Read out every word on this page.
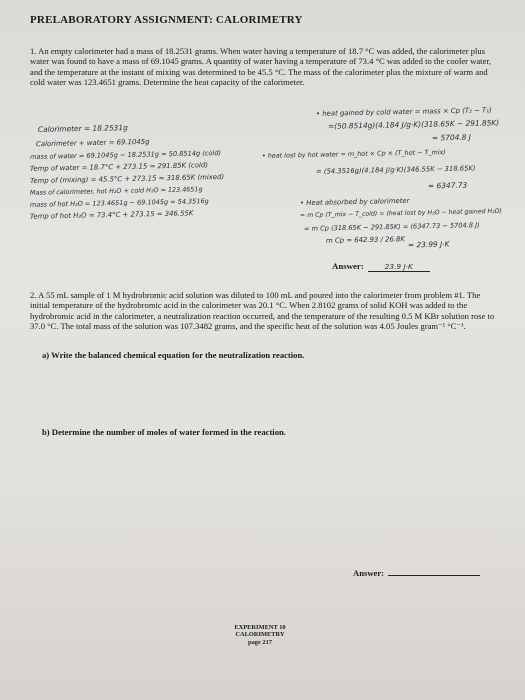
PRELABORATORY ASSIGNMENT: CALORIMETRY
1. An empty calorimeter had a mass of 18.2531 grams. When water having a temperature of 18.7 °C was added, the calorimeter plus water was found to have a mass of 69.1045 grams. A quantity of water having a temperature of 73.4 °C was added to the cooler water, and the temperature at the instant of mixing was determined to be 45.5 °C. The mass of the calorimeter plus the mixture of warm and cold water was 123.4651 grams. Determine the heat capacity of the calorimeter.
• heat gained by cold water = mass × Cp (T₂ − T₁)
=(50.8514g)(4.184 J/g·K)(318.65K − 291.85K)
= 5704.8 J
Calorimeter = 18.2531g
Calorimeter + water = 69.1045g
mass of water = 69.1045g − 18.2531g = 50.8514g (cold)	• heat lost by hot water = m_hot × Cp × (T_hot − T_mix)
Temp of water = 18.7°C + 273.15 = 291.85K (cold)
Temp of (mixing) = 45.5°C + 273.15 = 318.65K (mixed)
= (54.3516g)(4.184 J/g·K)(346.55K − 318.65K)
Mass of calorimeter, hot H₂O + cold H₂O = 123.4651g	= 6347.73
mass of hot H₂O = 123.4651g − 69.1045g = 54.3516g
Temp of hot H₂O = 73.4°C + 273.15 = 346.55K
• Heat absorbed by calorimeter
= m Cp (T_mix − T_cold) = (heat lost by H₂O − heat gained H₂O)
= m Cp (318.65K − 291.85K) = (6347.73 − 5704.8 J)
m Cp = 642.93 / 26.8K = 23.99 J·K
Answer:	23.9 J·K
2. A 55 mL sample of 1 M hydrobromic acid solution was diluted to 100 mL and poured into the calorimeter from problem #1. The initial temperature of the hydrobromic acid in the calorimeter was 20.1 °C. When 2.8102 grams of solid KOH was added to the hydrobromic acid in the calorimeter, a neutralization reaction occurred, and the temperature of the resulting 0.5 M KBr solution rose to 37.0 °C. The total mass of the solution was 107.3482 grams, and the specific heat of the solution was 4.05 Joules gram⁻¹ °C⁻¹.
a) Write the balanced chemical equation for the neutralization reaction.
b) Determine the number of moles of water formed in the reaction.
Answer:
EXPERIMENT 10
CALORIMETRY
page 217
